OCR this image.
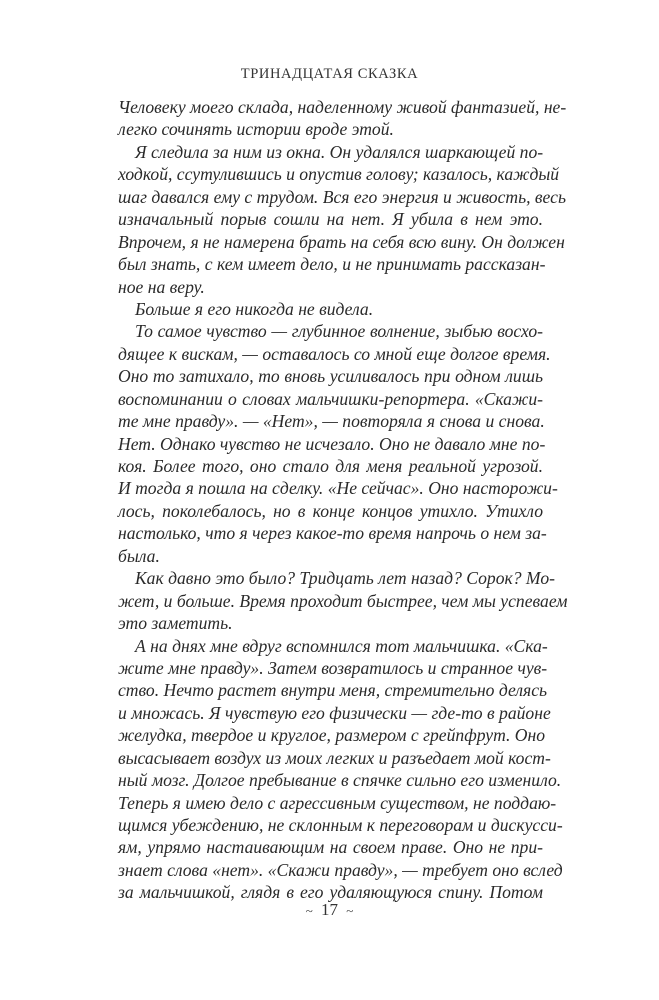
ТРИНАДЦАТАЯ СКАЗКА
Человеку моего склада, наделенному живой фантазией, не-
легко сочинять истории вроде этой.
Я следила за ним из окна. Он удалялся шаркающей по-
ходкой, ссутулившись и опустив голову; казалось, каждый
шаг давался ему с трудом. Вся его энергия и живость, весь
изначальный порыв сошли на нет. Я убила в нем это.
Впрочем, я не намерена брать на себя всю вину. Он должен
был знать, с кем имеет дело, и не принимать рассказан-
ное на веру.
Больше я его никогда не видела.
То самое чувство — глубинное волнение, зыбью восхо-
дящее к вискам, — оставалось со мной еще долгое время.
Оно то затихало, то вновь усиливалось при одном лишь
воспоминании о словах мальчишки-репортера. «Скажи-
те мне правду». — «Нет», — повторяла я снова и снова.
Нет. Однако чувство не исчезало. Оно не давало мне по-
коя. Более того, оно стало для меня реальной угрозой.
И тогда я пошла на сделку. «Не сейчас». Оно насторожи-
лось, поколебалось, но в конце концов утихло. Утихло
настолько, что я через какое-то время напрочь о нем за-
была.
Как давно это было? Тридцать лет назад? Сорок? Мо-
жет, и больше. Время проходит быстрее, чем мы успеваем
это заметить.
А на днях мне вдруг вспомнился тот мальчишка. «Ска-
жите мне правду». Затем возвратилось и странное чув-
ство. Нечто растет внутри меня, стремительно делясь
и множась. Я чувствую его физически — где-то в районе
желудка, твердое и круглое, размером с грейпфрут. Оно
высасывает воздух из моих легких и разъедает мой кост-
ный мозг. Долгое пребывание в спячке сильно его изменило.
Теперь я имею дело с агрессивным существом, не поддаю-
щимся убеждению, не склонным к переговорам и дискусси-
ям, упрямо настаивающим на своем праве. Оно не при-
знает слова «нет». «Скажи правду», — требует оно вслед
за мальчишкой, глядя в его удаляющуюся спину. Потом
~ 17 ~
